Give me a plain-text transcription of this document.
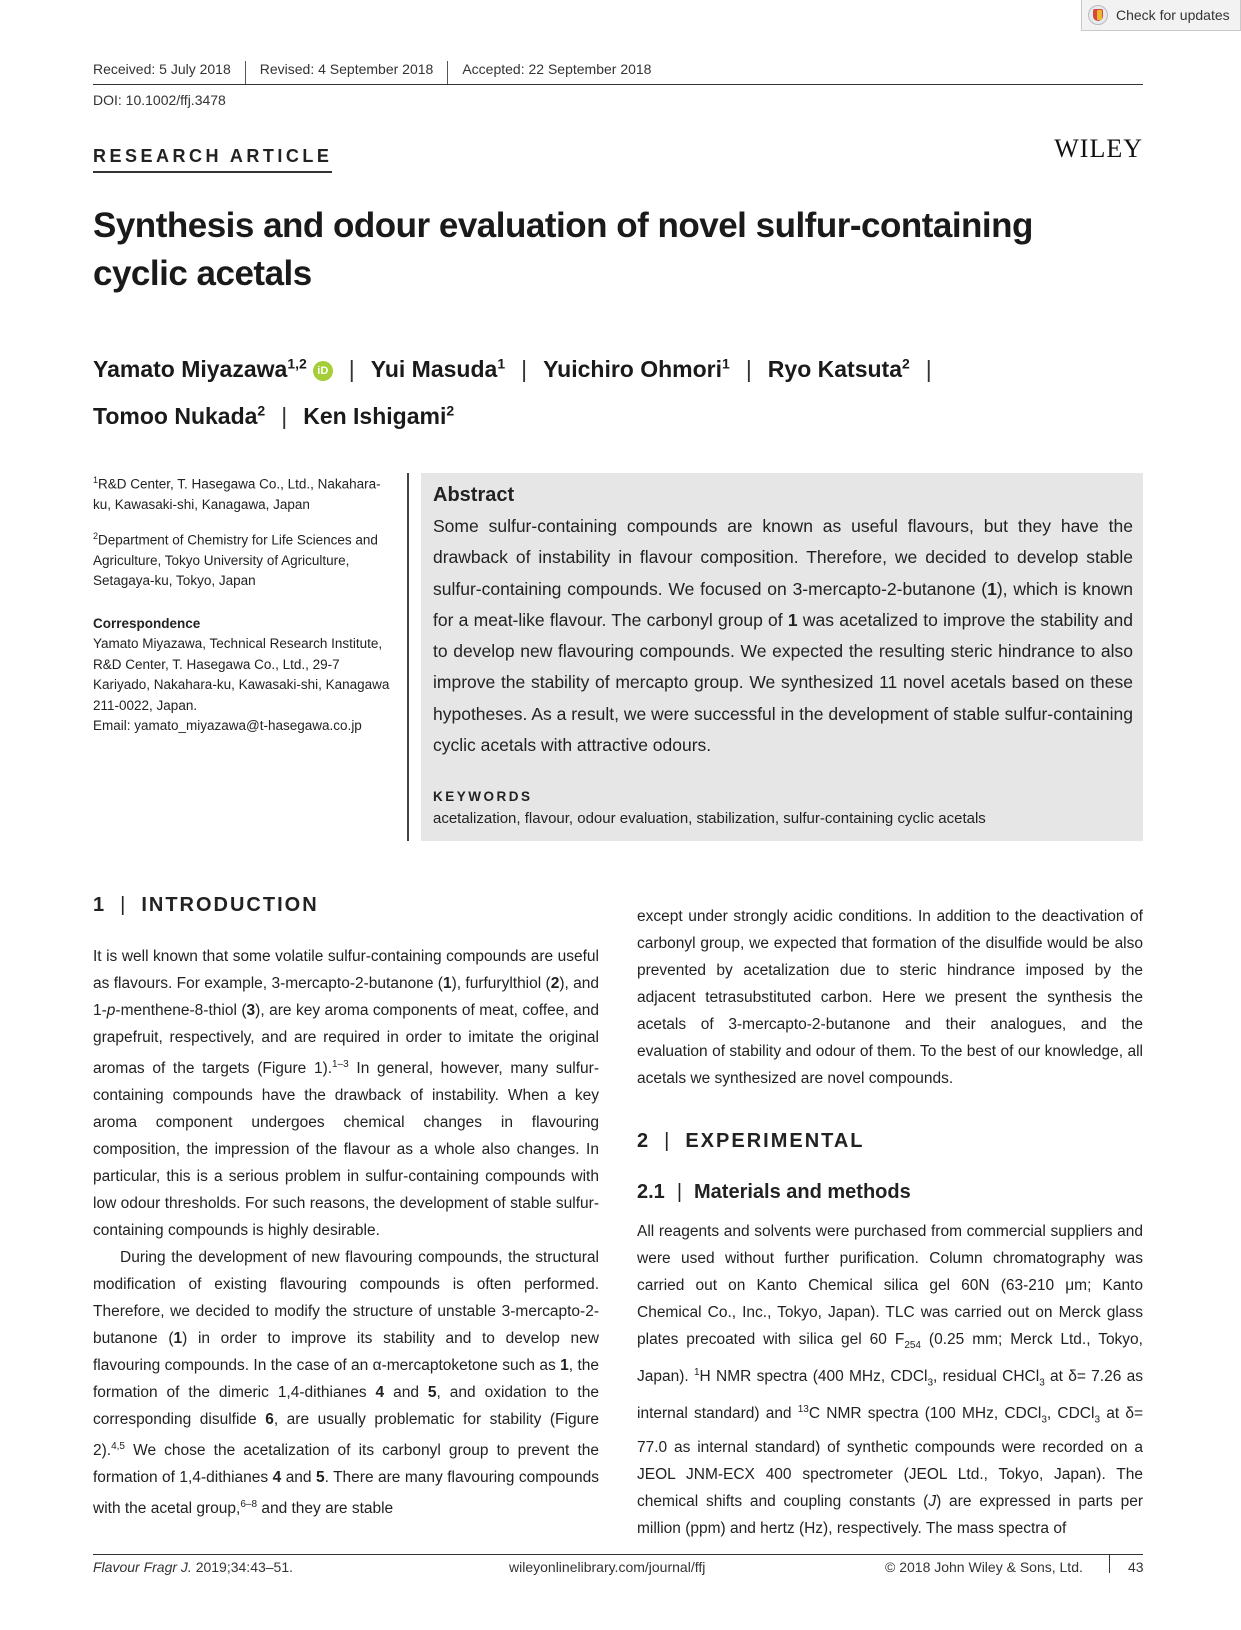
Check for updates
Received: 5 July 2018	Revised: 4 September 2018	Accepted: 22 September 2018
DOI: 10.1002/ffj.3478
RESEARCH ARTICLE	WILEY
Synthesis and odour evaluation of novel sulfur-containing cyclic acetals
Yamato Miyazawa$^{1,2}$ iD | Yui Masuda$^1$ | Yuichiro Ohmori$^1$ | Ryo Katsuta$^2$ |
Tomoo Nukada$^2$ | Ken Ishigami$^2$

$^1$R&D Center, T. Hasegawa Co., Ltd., Nakahara-ku, Kawasaki-shi, Kanagawa, Japan

$^2$Department of Chemistry for Life Sciences and Agriculture, Tokyo University of Agriculture, Setagaya-ku, Tokyo, Japan

Correspondence

Yamato Miyazawa, Technical Research Institute, R&D Center, T. Hasegawa Co., Ltd., 29-7 Kariyado, Nakahara-ku, Kawasaki-shi, Kanagawa 211-0022, Japan.

Email: yamato_miyazawa@t-hasegawa.co.jp

Abstract

Some sulfur-containing compounds are known as useful flavours, but they have the drawback of instability in flavour composition. Therefore, we decided to develop stable sulfur-containing compounds. We focused on 3-mercapto-2-butanone (1), which is known for a meat-like flavour. The carbonyl group of 1 was acetalized to improve the stability and to develop new flavouring compounds. We expected the resulting steric hindrance to also improve the stability of mercapto group. We synthesized 11 novel acetals based on these hypotheses. As a result, we were successful in the development of stable sulfur-containing cyclic acetals with attractive odours.

KEYWORDS
acetalization, flavour, odour evaluation, stabilization, sulfur-containing cyclic acetals
1 | INTRODUCTION

It is well known that some volatile sulfur-containing compounds are useful as flavours. For example, 3-mercapto-2-butanone (1), furfurylthiol (2), and 1-p-menthene-8-thiol (3), are key aroma components of meat, coffee, and grapefruit, respectively, and are required in order to imitate the original aromas of the targets (Figure 1).$^{1-3}$ In general, however, many sulfur-containing compounds have the drawback of instability. When a key aroma component undergoes chemical changes in flavouring composition, the impression of the flavour as a whole also changes. In particular, this is a serious problem in sulfur-containing compounds with low odour thresholds. For such reasons, the development of stable sulfur-containing compounds is highly desirable.

During the development of new flavouring compounds, the structural modification of existing flavouring compounds is often performed. Therefore, we decided to modify the structure of unstable 3-mercapto-2-butanone (1) in order to improve its stability and to develop new flavouring compounds. In the case of an α-mercaptoketone such as 1, the formation of the dimeric 1,4-dithianes 4 and 5, and oxidation to the corresponding disulfide 6, are usually problematic for stability (Figure 2).$^{4,5}$ We chose the acetalization of its carbonyl group to prevent the formation of 1,4-dithianes 4 and 5. There are many flavouring compounds with the acetal group,$^{6-8}$ and they are stable

except under strongly acidic conditions. In addition to the deactivation of carbonyl group, we expected that formation of the disulfide would be also prevented by acetalization due to steric hindrance imposed by the adjacent tetrasubstituted carbon. Here we present the synthesis the acetals of 3-mercapto-2-butanone and their analogues, and the evaluation of stability and odour of them. To the best of our knowledge, all acetals we synthesized are novel compounds.

2 | EXPERIMENTAL
2.1 | Materials and methods

All reagents and solvents were purchased from commercial suppliers and were used without further purification. Column chromatography was carried out on Kanto Chemical silica gel 60N (63-210 μm; Kanto Chemical Co., Inc., Tokyo, Japan). TLC was carried out on Merck glass plates precoated with silica gel 60 $F_{254}$ (0.25 mm; Merck Ltd., Tokyo, Japan). $^1$H NMR spectra (400 MHz, CDCl$_3$, residual CHCl$_3$ at δ= 7.26 as internal standard) and $^{13}$C NMR spectra (100 MHz, CDCl$_3$, CDCl$_3$ at δ= 77.0 as internal standard) of synthetic compounds were recorded on a JEOL JNM-ECX 400 spectrometer (JEOL Ltd., Tokyo, Japan). The chemical shifts and coupling constants (J) are expressed in parts per million (ppm) and hertz (Hz), respectively. The mass spectra of

Flavour Fragr J. 2019;34:43–51.	wileyonlinelibrary.com/journal/ffj	© 2018 John Wiley & Sons, Ltd.	43
